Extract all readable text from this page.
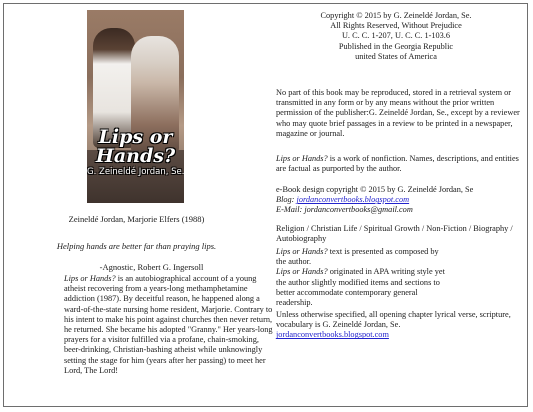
Lips or
Hands?
G. Zeineldé Jordan, Se.
Zeineldé Jordan, Marjorie Elfers (1988)
Helping hands are better far than praying lips.
-Agnostic, Robert G. Ingersoll

Lips or Hands? is an autobiographical account of a young atheist recovering from a years-long methamphetamine addiction (1987). By deceitful reason, he happened along a ward-of-the-state nursing home resident, Marjorie. Contrary to his intent to make his point against churches then never return, he returned. She became his adopted "Granny." Her years-long prayers for a visitor fulfilled via a profane, chain-smoking, beer-drinking, Christian-bashing atheist while unknowingly setting the stage for him (years after her passing) to meet her Lord, The Lord!

Copyright © 2015 by G. Zeineldé Jordan, Se.

All Rights Reserved, Without Prejudice

U. C. C. 1-207, U. C. C. 1-103.6

Published in the Georgia Republic

united States of America

No part of this book may be reproduced, stored in a retrieval system or transmitted in any form or by any means without the prior written permission of the publisher:G. Zeineldé Jordan, Se., except by a reviewer who may quote brief passages in a review to be printed in a newspaper, magazine or journal.

Lips or Hands? is a work of nonfiction. Names, descriptions, and entities are factual as purported by the author.

e-Book design copyright © 2015 by G. Zeineldé Jordan, Se

Blog: jordanconvertbooks.blogspot.com

E-Mail: jordanconvertbooks@gmail.com

Religion / Christian Life / Spiritual Growth / Non-Fiction / Biography / Autobiography

Lips or Hands? text is presented as composed by the author.

Lips or Hands? originated in APA writing style yet the author slightly modified items and sections to better accommodate contemporary general readership.

Unless otherwise specified, all opening chapter lyrical verse, scripture, vocabulary is G. Zeineldé Jordan, Se.

jordanconvertbooks.blogspot.com
